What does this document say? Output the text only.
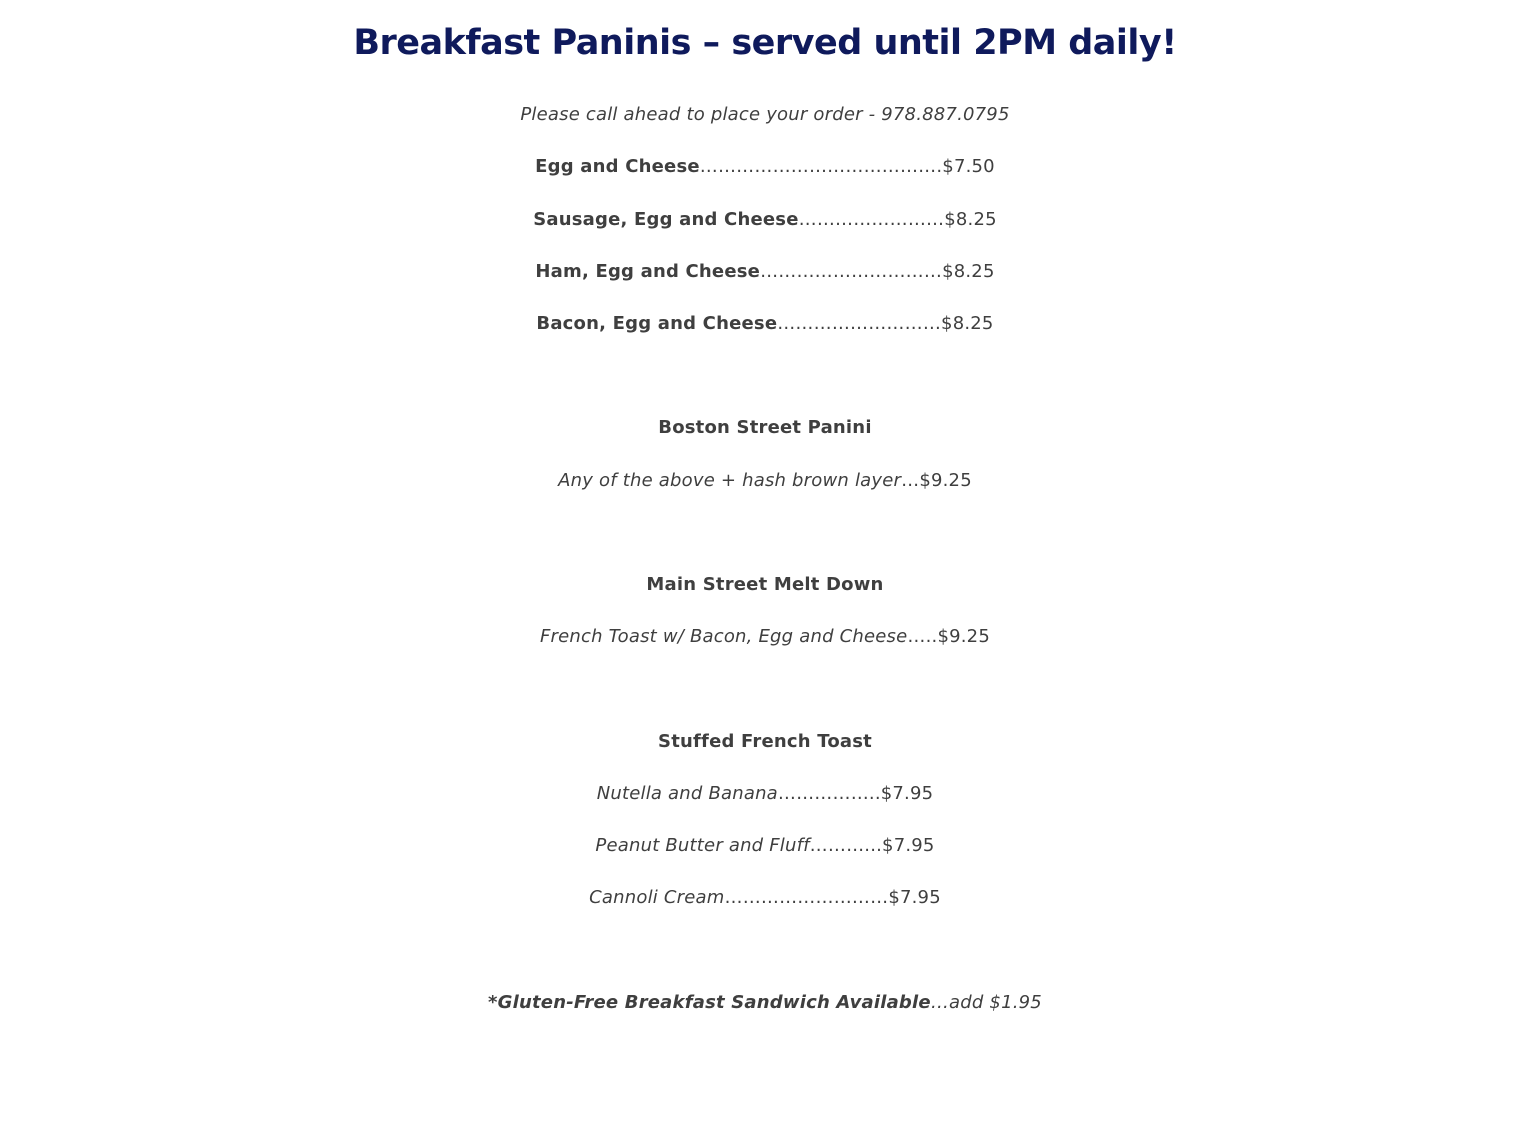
Breakfast Paninis – served until 2PM daily!
Please call ahead to place your order - 978.887.0795
Egg and Cheese………………………………….$7.50
Sausage, Egg and Cheese……………………$8.25
Ham, Egg and Cheese…………………………$8.25
Bacon, Egg and Cheese………………………$8.25
Boston Street Panini
Any of the above + hash brown layer…$9.25
Main Street Melt Down
French Toast w/ Bacon, Egg and Cheese…..$9.25
Stuffed French Toast
Nutella and Banana……………..$7.95
Peanut Butter and Fluff………...$7.95
Cannoli Cream………………………$7.95
*Gluten-Free Breakfast Sandwich Available…add $1.95
